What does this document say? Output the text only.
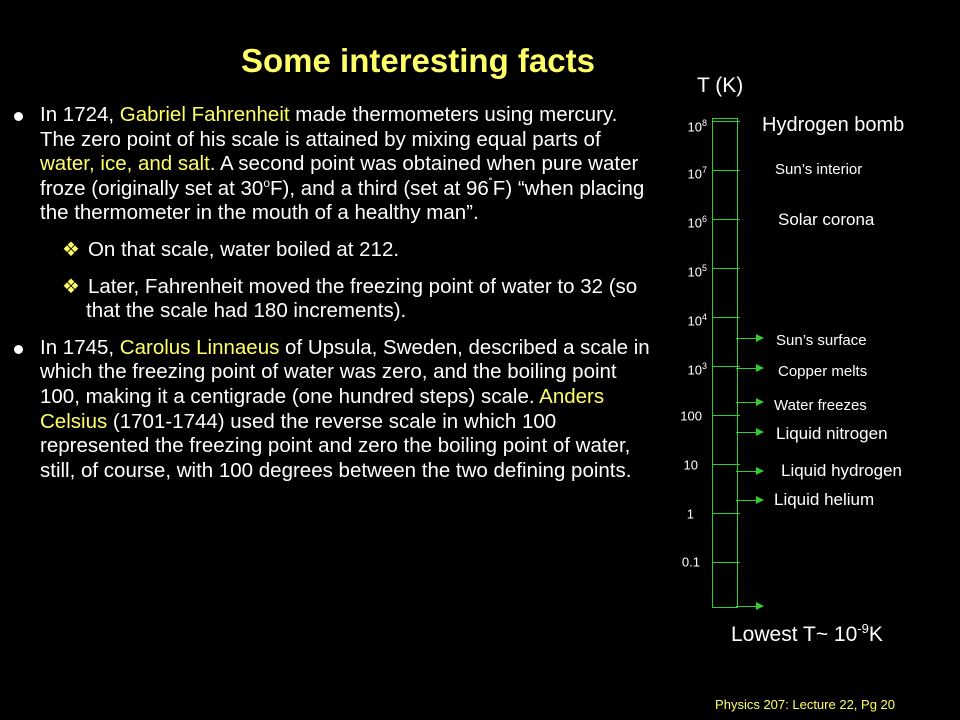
Some interesting facts
In 1724, Gabriel Fahrenheit made thermometers using mercury. The zero point of his scale is attained by mixing equal parts of water, ice, and salt. A second point was obtained when pure water froze (originally set at 30$^o$F), and a third (set at 96˚F) “when placing the thermometer in the mouth of a healthy man”.
❖ On that scale, water boiled at 212.
❖ Later, Fahrenheit moved the freezing point of water to 32 (so that the scale had 180 increments).
In 1745, Carolus Linnaeus of Upsula, Sweden, described a scale in which the freezing point of water was zero, and the boiling point 100, making it a centigrade (one hundred steps) scale. Anders Celsius (1701-1744) used the reverse scale in which 100 represented the freezing point and zero the boiling point of water, still, of course, with 100 degrees between the two defining points.
T (K)
$10^8$
$10^7$
$10^6$
$10^5$
$10^4$
$10^3$
100
10
1
0.1
Hydrogen bomb
Sun’s interior
Solar corona
Sun’s surface
Copper melts
Water freezes
Liquid nitrogen
Liquid hydrogen
Liquid helium
Lowest T~ $10^{-9}K$
Physics 207: Lecture 22, Pg 20
